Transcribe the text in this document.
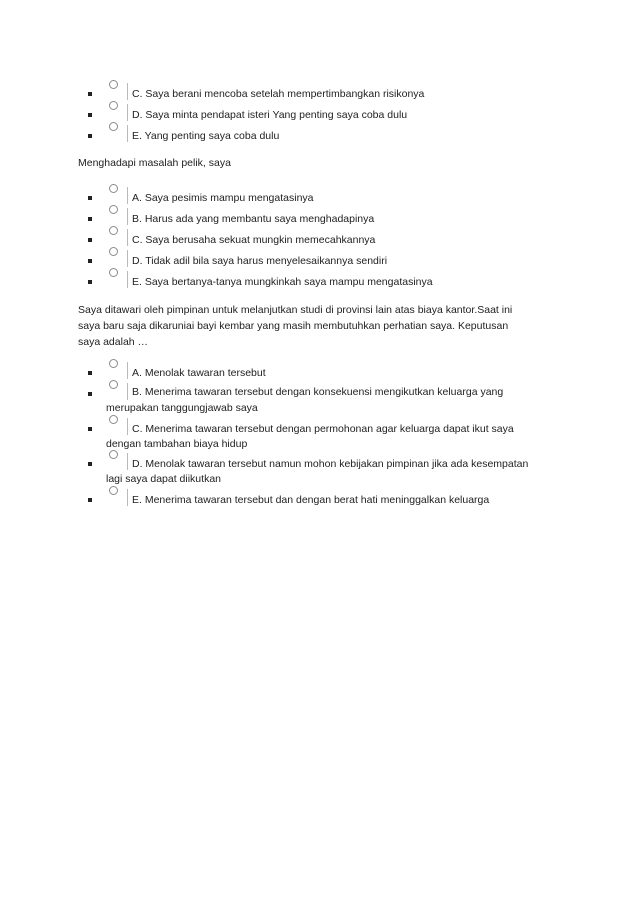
C. Saya berani mencoba setelah mempertimbangkan risikonya
D. Saya minta pendapat isteri Yang penting saya coba dulu
E. Yang penting saya coba dulu
Menghadapi masalah pelik, saya
A. Saya pesimis mampu mengatasinya
B. Harus ada yang membantu saya menghadapinya
C. Saya berusaha sekuat mungkin memecahkannya
D. Tidak adil bila saya harus menyelesaikannya sendiri
E. Saya bertanya-tanya mungkinkah saya mampu mengatasinya
Saya ditawari oleh pimpinan untuk melanjutkan studi di provinsi lain atas biaya kantor.Saat ini
saya baru saja dikaruniai bayi kembar yang masih membutuhkan perhatian saya. Keputusan
saya adalah …
A. Menolak tawaran tersebut
B. Menerima tawaran tersebut dengan konsekuensi mengikutkan keluarga yang
merupakan tanggungjawab saya
C. Menerima tawaran tersebut dengan permohonan agar keluarga dapat ikut saya
dengan tambahan biaya hidup
D. Menolak tawaran tersebut namun mohon kebijakan pimpinan jika ada kesempatan
lagi saya dapat diikutkan
E. Menerima tawaran tersebut dan dengan berat hati meninggalkan keluarga
